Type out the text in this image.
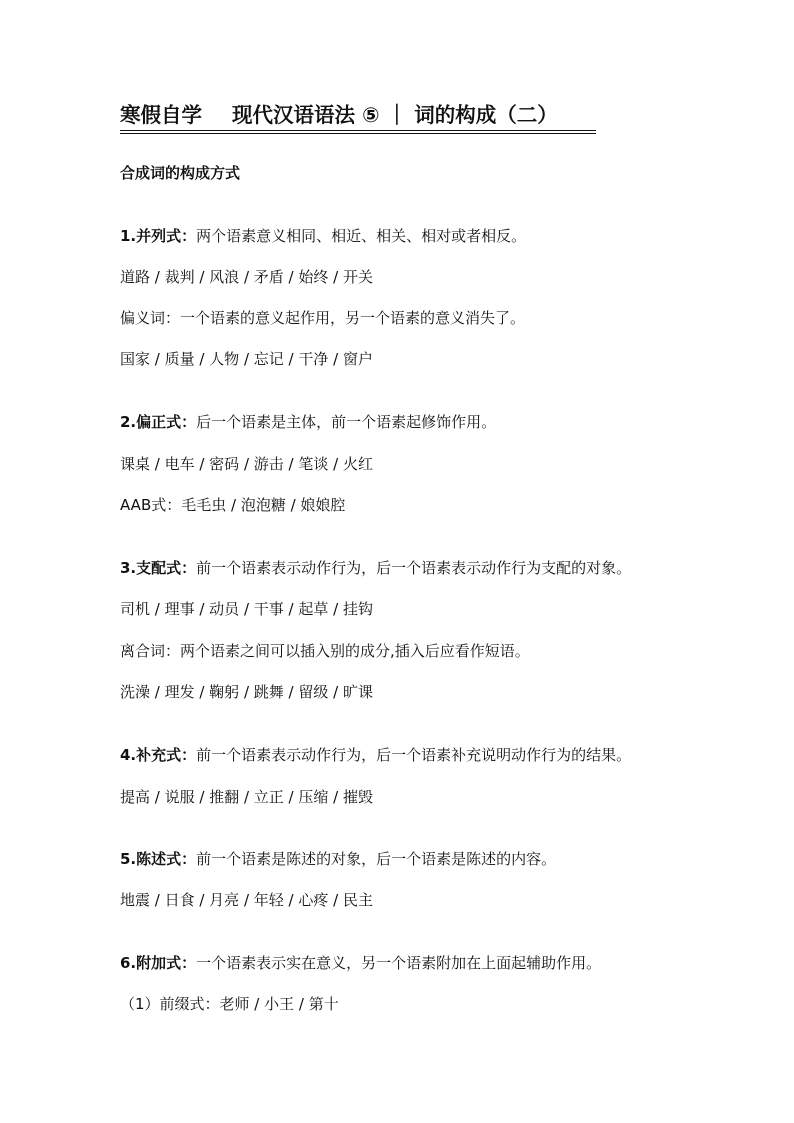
寒假自学 现代汉语语法 ⑤ ｜ 词的构成（二）
合成词的构成方式
1.并列式：两个语素意义相同、相近、相关、相对或者相反。
道路 / 裁判 / 风浪 / 矛盾 / 始终 / 开关
偏义词：一个语素的意义起作用，另一个语素的意义消失了。
国家 / 质量 / 人物 / 忘记 / 干净 / 窗户
2.偏正式：后一个语素是主体，前一个语素起修饰作用。
课桌 / 电车 / 密码 / 游击 / 笔谈 / 火红
AAB式：毛毛虫 / 泡泡糖 / 娘娘腔
3.支配式：前一个语素表示动作行为，后一个语素表示动作行为支配的对象。
司机 / 理事 / 动员 / 干事 / 起草 / 挂钩
离合词：两个语素之间可以插入别的成分,插入后应看作短语。
洗澡 / 理发 / 鞠躬 / 跳舞 / 留级 / 旷课
4.补充式：前一个语素表示动作行为，后一个语素补充说明动作行为的结果。
提高 / 说服 / 推翻 / 立正 / 压缩 / 摧毁
5.陈述式：前一个语素是陈述的对象，后一个语素是陈述的内容。
地震 / 日食 / 月亮 / 年轻 / 心疼 / 民主
6.附加式：一个语素表示实在意义，另一个语素附加在上面起辅助作用。
（1）前缀式：老师 / 小王 / 第十
